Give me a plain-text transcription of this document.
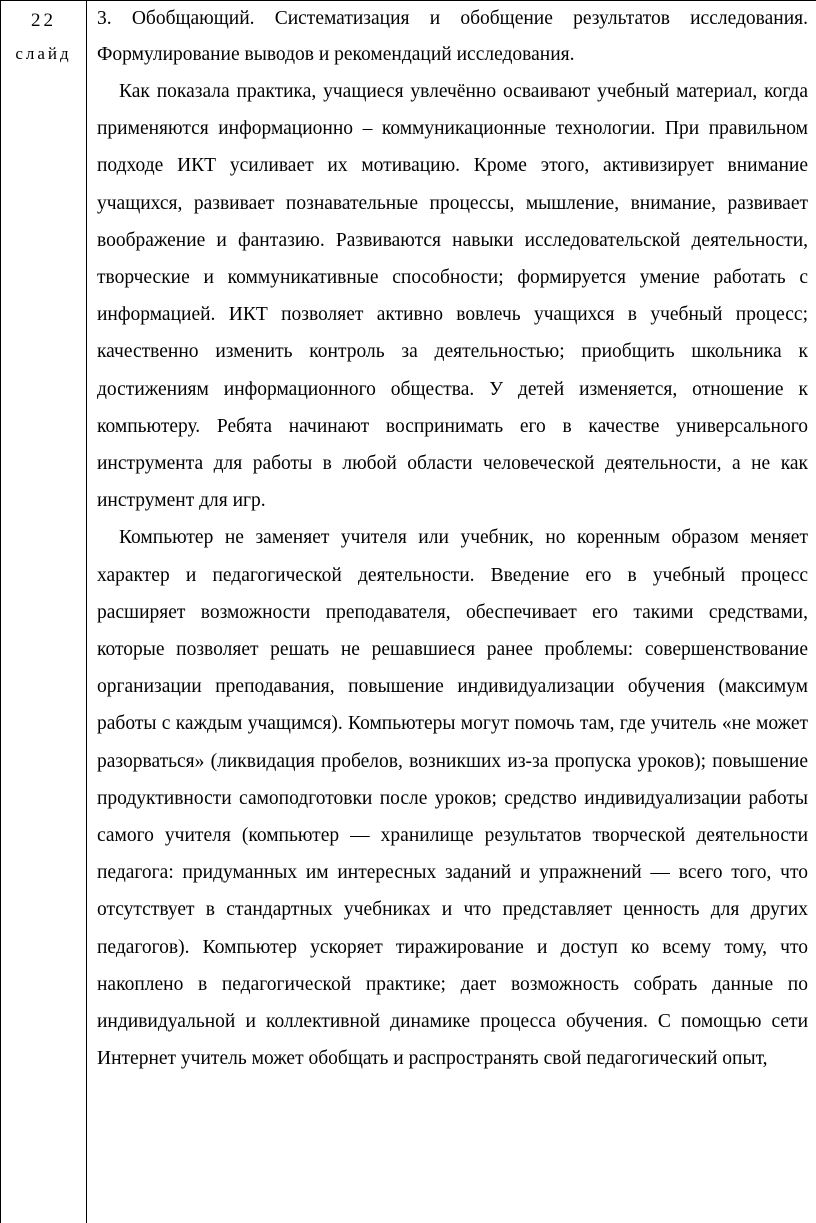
22
слайд

3. Обобщающий. Систематизация и обобщение результатов исследования. Формулирование выводов и рекомендаций исследования.

Как показала практика, учащиеся увлечённо осваивают учебный материал, когда применяются информационно – коммуникационные технологии. При правильном подходе ИКТ усиливает их мотивацию. Кроме этого, активизирует внимание учащихся, развивает познавательные процессы, мышление, внимание, развивает воображение и фантазию. Развиваются навыки исследовательской деятельности, творческие и коммуникативные способности; формируется умение работать с информацией. ИКТ позволяет активно вовлечь учащихся в учебный процесс; качественно изменить контроль за деятельностью; приобщить школьника к достижениям информационного общества. У детей изменяется, отношение к компьютеру. Ребята начинают воспринимать его в качестве универсального инструмента для работы в любой области человеческой деятельности, а не как инструмент для игр.

Компьютер не заменяет учителя или учебник, но коренным образом меняет характер и педагогической деятельности. Введение его в учебный процесс расширяет возможности преподавателя, обеспечивает его такими средствами, которые позволяет решать не решавшиеся ранее проблемы: совершенствование организации преподавания, повышение индивидуализации обучения (максимум работы с каждым учащимся). Компьютеры могут помочь там, где учитель «не может разорваться» (ликвидация пробелов, возникших из-за пропуска уроков); повышение продуктивности самоподготовки после уроков; средство индивидуализации работы самого учителя (компьютер — хранилище результатов творческой деятельности педагога: придуманных им интересных заданий и упражнений — всего того, что отсутствует в стандартных учебниках и что представляет ценность для других педагогов). Компьютер ускоряет тиражирование и доступ ко всему тому, что накоплено в педагогической практике; дает возможность собрать данные по индивидуальной и коллективной динамике процесса обучения. С помощью сети Интернет учитель может обобщать и распространять свой педагогический опыт,
